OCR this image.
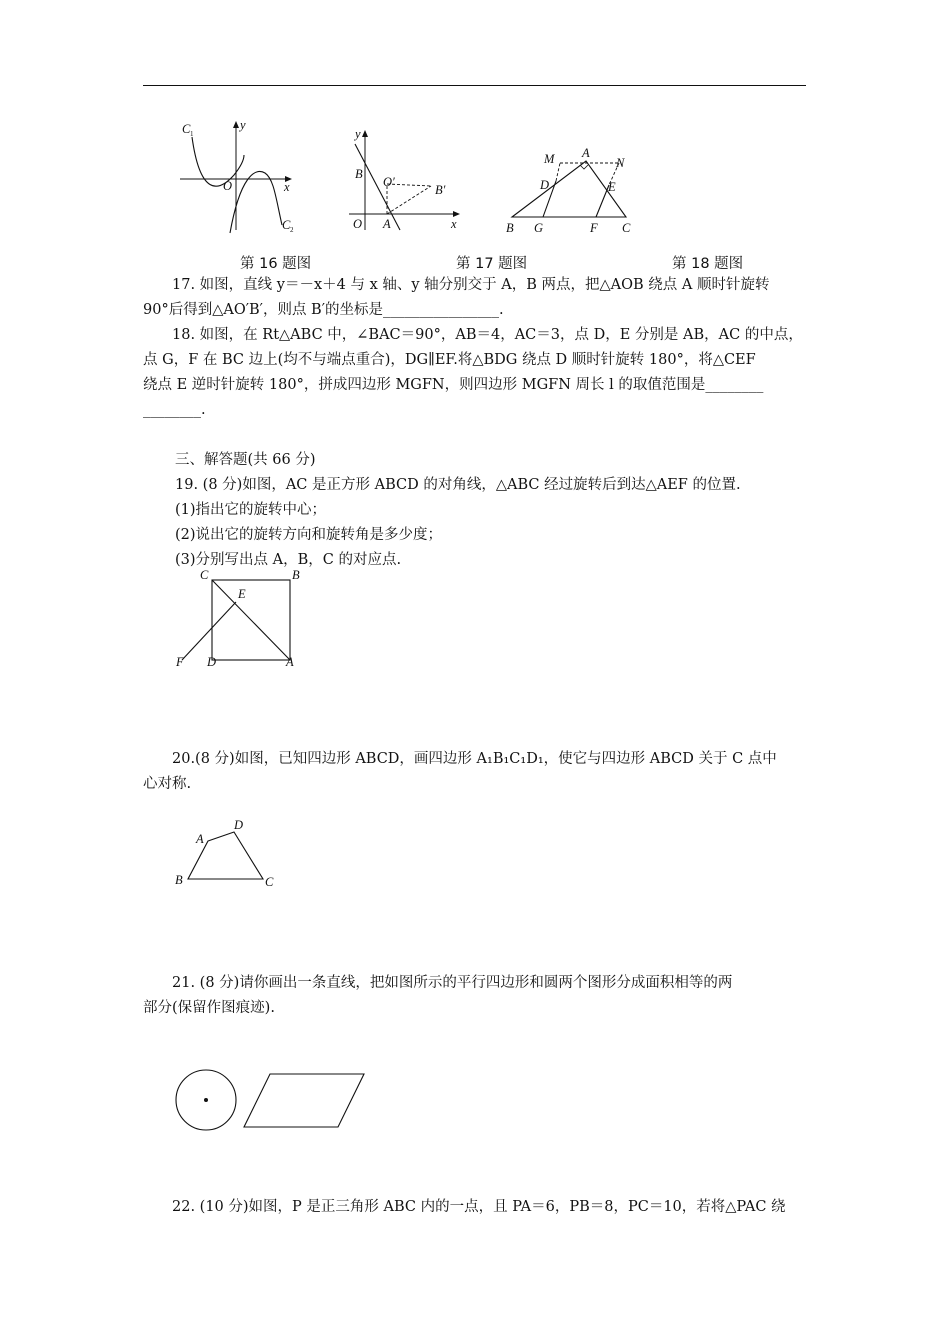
C 1
y
x
O
C 2
y
x
B
O′
B′
O A
M A
N
D	E
B G	F C
第 16 题图	第 17 题图	第 18 题图
17. 如图，直线 y＝－x＋4 与 x 轴、y 轴分别交于 A，B 两点，把△AOB 绕点 A 顺时针旋转
90°后得到△AO′B′，则点 B′的坐标是________________.
18. 如图，在 Rt△ABC 中，∠BAC＝90°，AB＝4，AC＝3，点 D，E 分别是 AB，AC 的中点，
点 G，F 在 BC 边上(均不与端点重合)，DG∥EF.将△BDG 绕点 D 顺时针旋转 180°，将△CEF
绕点 E 逆时针旋转 180°，拼成四边形 MGFN，则四边形 MGFN 周长 l 的取值范围是________
________.
三、解答题(共 66 分)
19. (8 分)如图，AC 是正方形 ABCD 的对角线，△ABC 经过旋转后到达△AEF 的位置.
(1)指出它的旋转中心；
(2)说出它的旋转方向和旋转角是多少度；
(3)分别写出点 A，B，C 的对应点.
C	B
E
F D	A
20.(8 分)如图，已知四边形 ABCD，画四边形 A₁B₁C₁D₁，使它与四边形 ABCD 关于 C 点中
心对称.
A
D
B	C
21. (8 分)请你画出一条直线，把如图所示的平行四边形和圆两个图形分成面积相等的两
部分(保留作图痕迹).
22. (10 分)如图，P 是正三角形 ABC 内的一点，且 PA＝6，PB＝8，PC＝10，若将△PAC 绕
